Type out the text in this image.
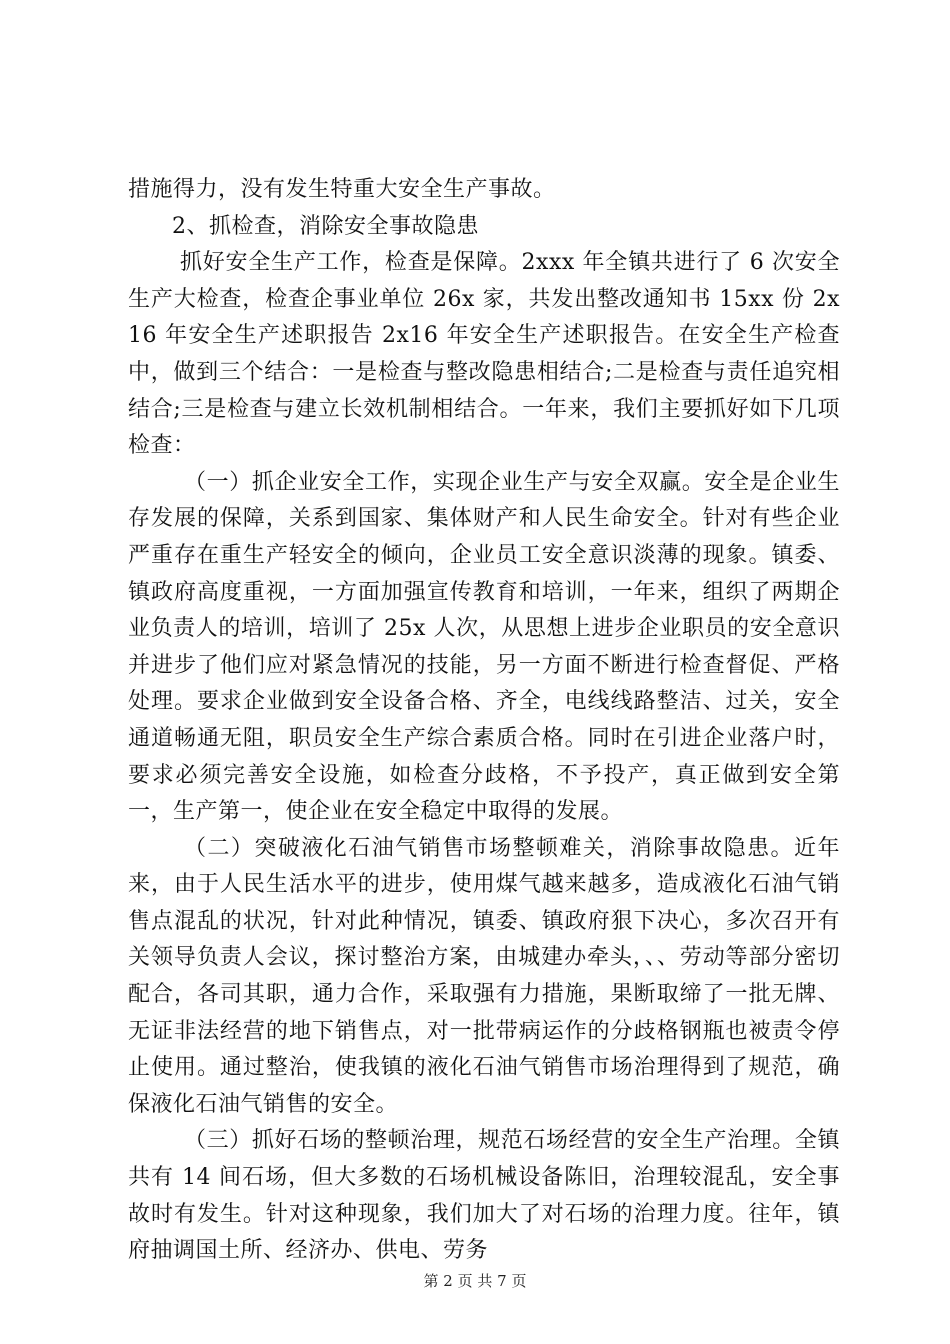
措施得力，没有发生特重大安全生产事故。

2、抓检查，消除安全事故隐患

抓好安全生产工作，检查是保障。2xxx 年全镇共进行了 6 次安全生产大检查，检查企事业单位 26x 家，共发出整改通知书 15xx 份 2x16 年安全生产述职报告 2x16 年安全生产述职报告。在安全生产检查中，做到三个结合：一是检查与整改隐患相结合;二是检查与责任追究相结合;三是检查与建立长效机制相结合。一年来，我们主要抓好如下几项检查：

（一）抓企业安全工作，实现企业生产与安全双赢。安全是企业生存发展的保障，关系到国家、集体财产和人民生命安全。针对有些企业严重存在重生产轻安全的倾向，企业员工安全意识淡薄的现象。镇委、镇政府高度重视，一方面加强宣传教育和培训，一年来，组织了两期企业负责人的培训，培训了 25x 人次，从思想上进步企业职员的安全意识并进步了他们应对紧急情况的技能，另一方面不断进行检查督促、严格处理。要求企业做到安全设备合格、齐全，电线线路整洁、过关，安全通道畅通无阻，职员安全生产综合素质合格。同时在引进企业落户时，要求必须完善安全设施，如检查分歧格，不予投产，真正做到安全第一，生产第一，使企业在安全稳定中取得的发展。

（二）突破液化石油气销售市场整顿难关，消除事故隐患。近年来，由于人民生活水平的进步，使用煤气越来越多，造成液化石油气销售点混乱的状况，针对此种情况，镇委、镇政府狠下决心，多次召开有关领导负责人会议，探讨整治方案，由城建办牵头，、、劳动等部分密切配合，各司其职，通力合作，采取强有力措施，果断取缔了一批无牌、无证非法经营的地下销售点，对一批带病运作的分歧格钢瓶也被责令停止使用。通过整治，使我镇的液化石油气销售市场治理得到了规范，确保液化石油气销售的安全。

（三）抓好石场的整顿治理，规范石场经营的安全生产治理。全镇共有 14 间石场，但大多数的石场机械设备陈旧，治理较混乱，安全事故时有发生。针对这种现象，我们加大了对石场的治理力度。往年，镇府抽调国土所、经济办、供电、劳务

第 2 页 共 7 页
